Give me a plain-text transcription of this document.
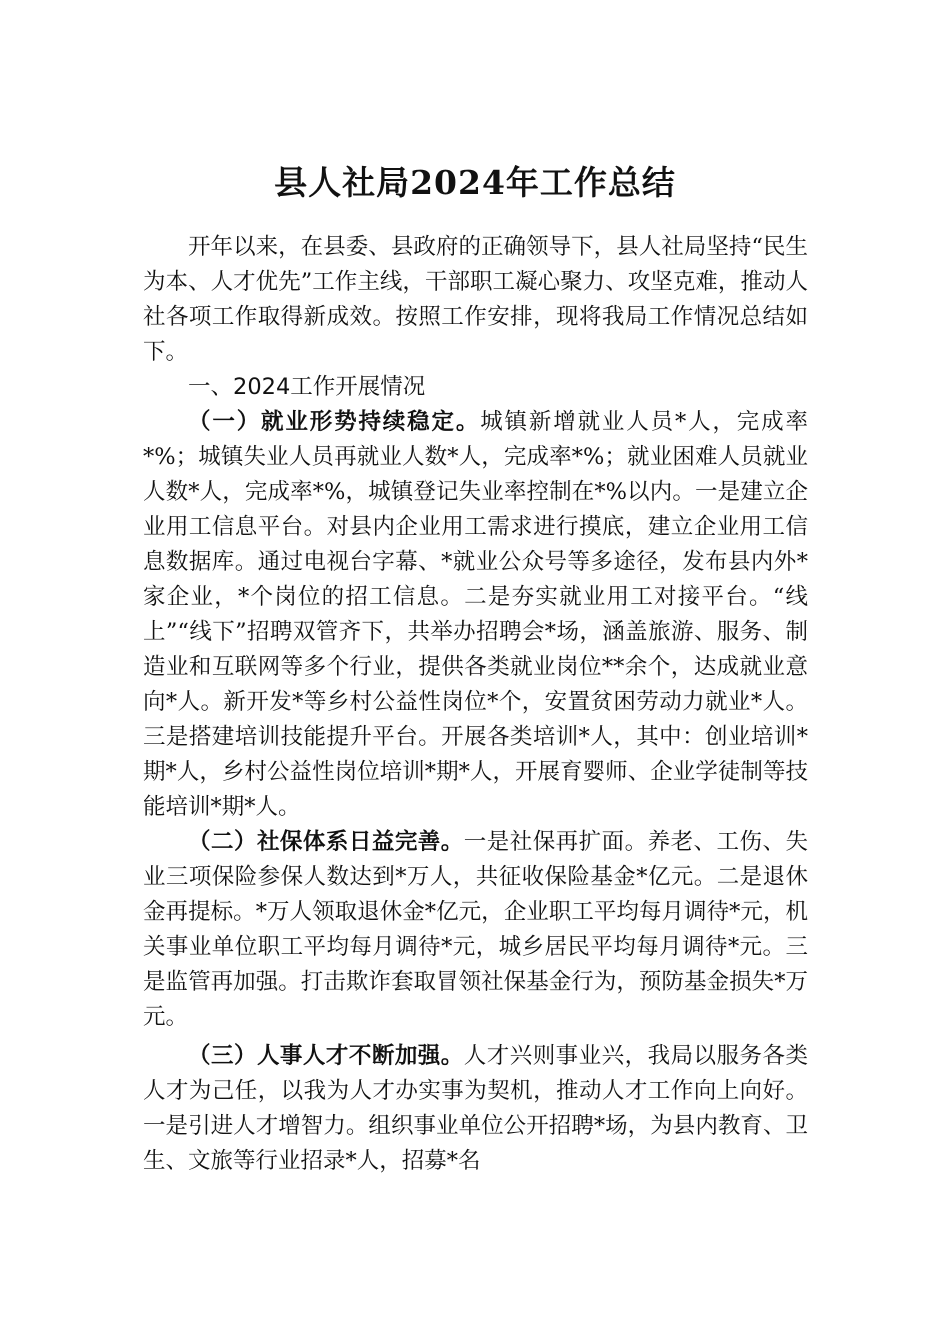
县人社局2024年工作总结

开年以来，在县委、县政府的正确领导下，县人社局坚持“民生为本、人才优先”工作主线，干部职工凝心聚力、攻坚克难，推动人社各项工作取得新成效。按照工作安排，现将我局工作情况总结如下。

一、2024工作开展情况

（一）就业形势持续稳定。城镇新增就业人员*人，完成率*%；城镇失业人员再就业人数*人，完成率*%；就业困难人员就业人数*人，完成率*%，城镇登记失业率控制在*%以内。一是建立企业用工信息平台。对县内企业用工需求进行摸底，建立企业用工信息数据库。通过电视台字幕、*就业公众号等多途径，发布县内外*家企业，*个岗位的招工信息。二是夯实就业用工对接平台。“线上”“线下”招聘双管齐下，共举办招聘会*场，涵盖旅游、服务、制造业和互联网等多个行业，提供各类就业岗位**余个，达成就业意向*人。新开发*等乡村公益性岗位*个，安置贫困劳动力就业*人。三是搭建培训技能提升平台。开展各类培训*人，其中：创业培训*期*人，乡村公益性岗位培训*期*人，开展育婴师、企业学徒制等技能培训*期*人。

（二）社保体系日益完善。一是社保再扩面。养老、工伤、失业三项保险参保人数达到*万人，共征收保险基金*亿元。二是退休金再提标。*万人领取退休金*亿元，企业职工平均每月调待*元，机关事业单位职工平均每月调待*元，城乡居民平均每月调待*元。三是监管再加强。打击欺诈套取冒领社保基金行为，预防基金损失*万元。

（三）人事人才不断加强。人才兴则事业兴，我局以服务各类人才为己任，以我为人才办实事为契机，推动人才工作向上向好。一是引进人才增智力。组织事业单位公开招聘*场，为县内教育、卫生、文旅等行业招录*人，招募*名
